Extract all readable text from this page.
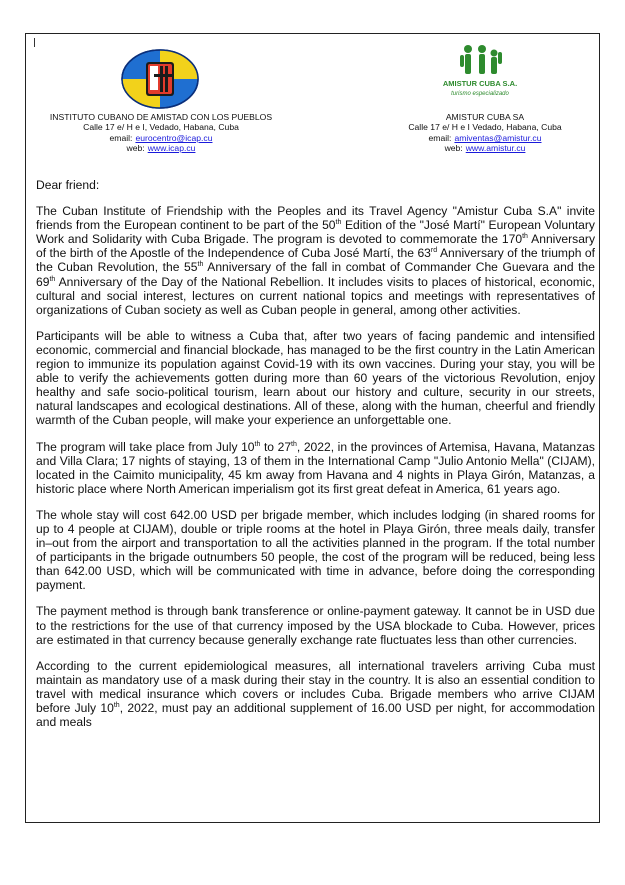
AMISTUR CUBA S.A.
turismo especializado
INSTITUTO CUBANO DE AMISTAD CON LOS PUEBLOS
Calle 17 e/ H e I, Vedado, Habana, Cuba
email: eurocentro@icap.cu
web: www.icap.cu
AMISTUR CUBA SA
Calle 17 e/ H e I Vedado, Habana, Cuba
email: amiventas@amistur.cu
web: www.amistur.cu

Dear friend:

The Cuban Institute of Friendship with the Peoples and its Travel Agency "Amistur Cuba S.A" invite friends from the European continent to be part of the 50th Edition of the "José Martí" European Voluntary Work and Solidarity with Cuba Brigade. The program is devoted to commemorate the 170th Anniversary of the birth of the Apostle of the Independence of Cuba José Martí, the 63rd Anniversary of the triumph of the Cuban Revolution, the 55th Anniversary of the fall in combat of Commander Che Guevara and the 69th Anniversary of the Day of the National Rebellion. It includes visits to places of historical, economic, cultural and social interest, lectures on current national topics and meetings with representatives of organizations of Cuban society as well as Cuban people in general, among other activities.

Participants will be able to witness a Cuba that, after two years of facing pandemic and intensified economic, commercial and financial blockade, has managed to be the first country in the Latin American region to immunize its population against Covid-19 with its own vaccines. During your stay, you will be able to verify the achievements gotten during more than 60 years of the victorious Revolution, enjoy healthy and safe socio-political tourism, learn about our history and culture, security in our streets, natural landscapes and ecological destinations. All of these, along with the human, cheerful and friendly warmth of the Cuban people, will make your experience an unforgettable one.

The program will take place from July 10th to 27th, 2022, in the provinces of Artemisa, Havana, Matanzas and Villa Clara; 17 nights of staying, 13 of them in the International Camp "Julio Antonio Mella" (CIJAM), located in the Caimito municipality, 45 km away from Havana and 4 nights in Playa Girón, Matanzas, a historic place where North American imperialism got its first great defeat in America, 61 years ago.

The whole stay will cost 642.00 USD per brigade member, which includes lodging (in shared rooms for up to 4 people at CIJAM), double or triple rooms at the hotel in Playa Girón, three meals daily, transfer in–out from the airport and transportation to all the activities planned in the program. If the total number of participants in the brigade outnumbers 50 people, the cost of the program will be reduced, being less than 642.00 USD, which will be communicated with time in advance, before doing the corresponding payment.

The payment method is through bank transference or online-payment gateway. It cannot be in USD due to the restrictions for the use of that currency imposed by the USA blockade to Cuba. However, prices are estimated in that currency because generally exchange rate fluctuates less than other currencies.

According to the current epidemiological measures, all international travelers arriving Cuba must maintain as mandatory use of a mask during their stay in the country. It is also an essential condition to travel with medical insurance which covers or includes Cuba. Brigade members who arrive CIJAM before July 10th, 2022, must pay an additional supplement of 16.00 USD per night, for accommodation and meals
